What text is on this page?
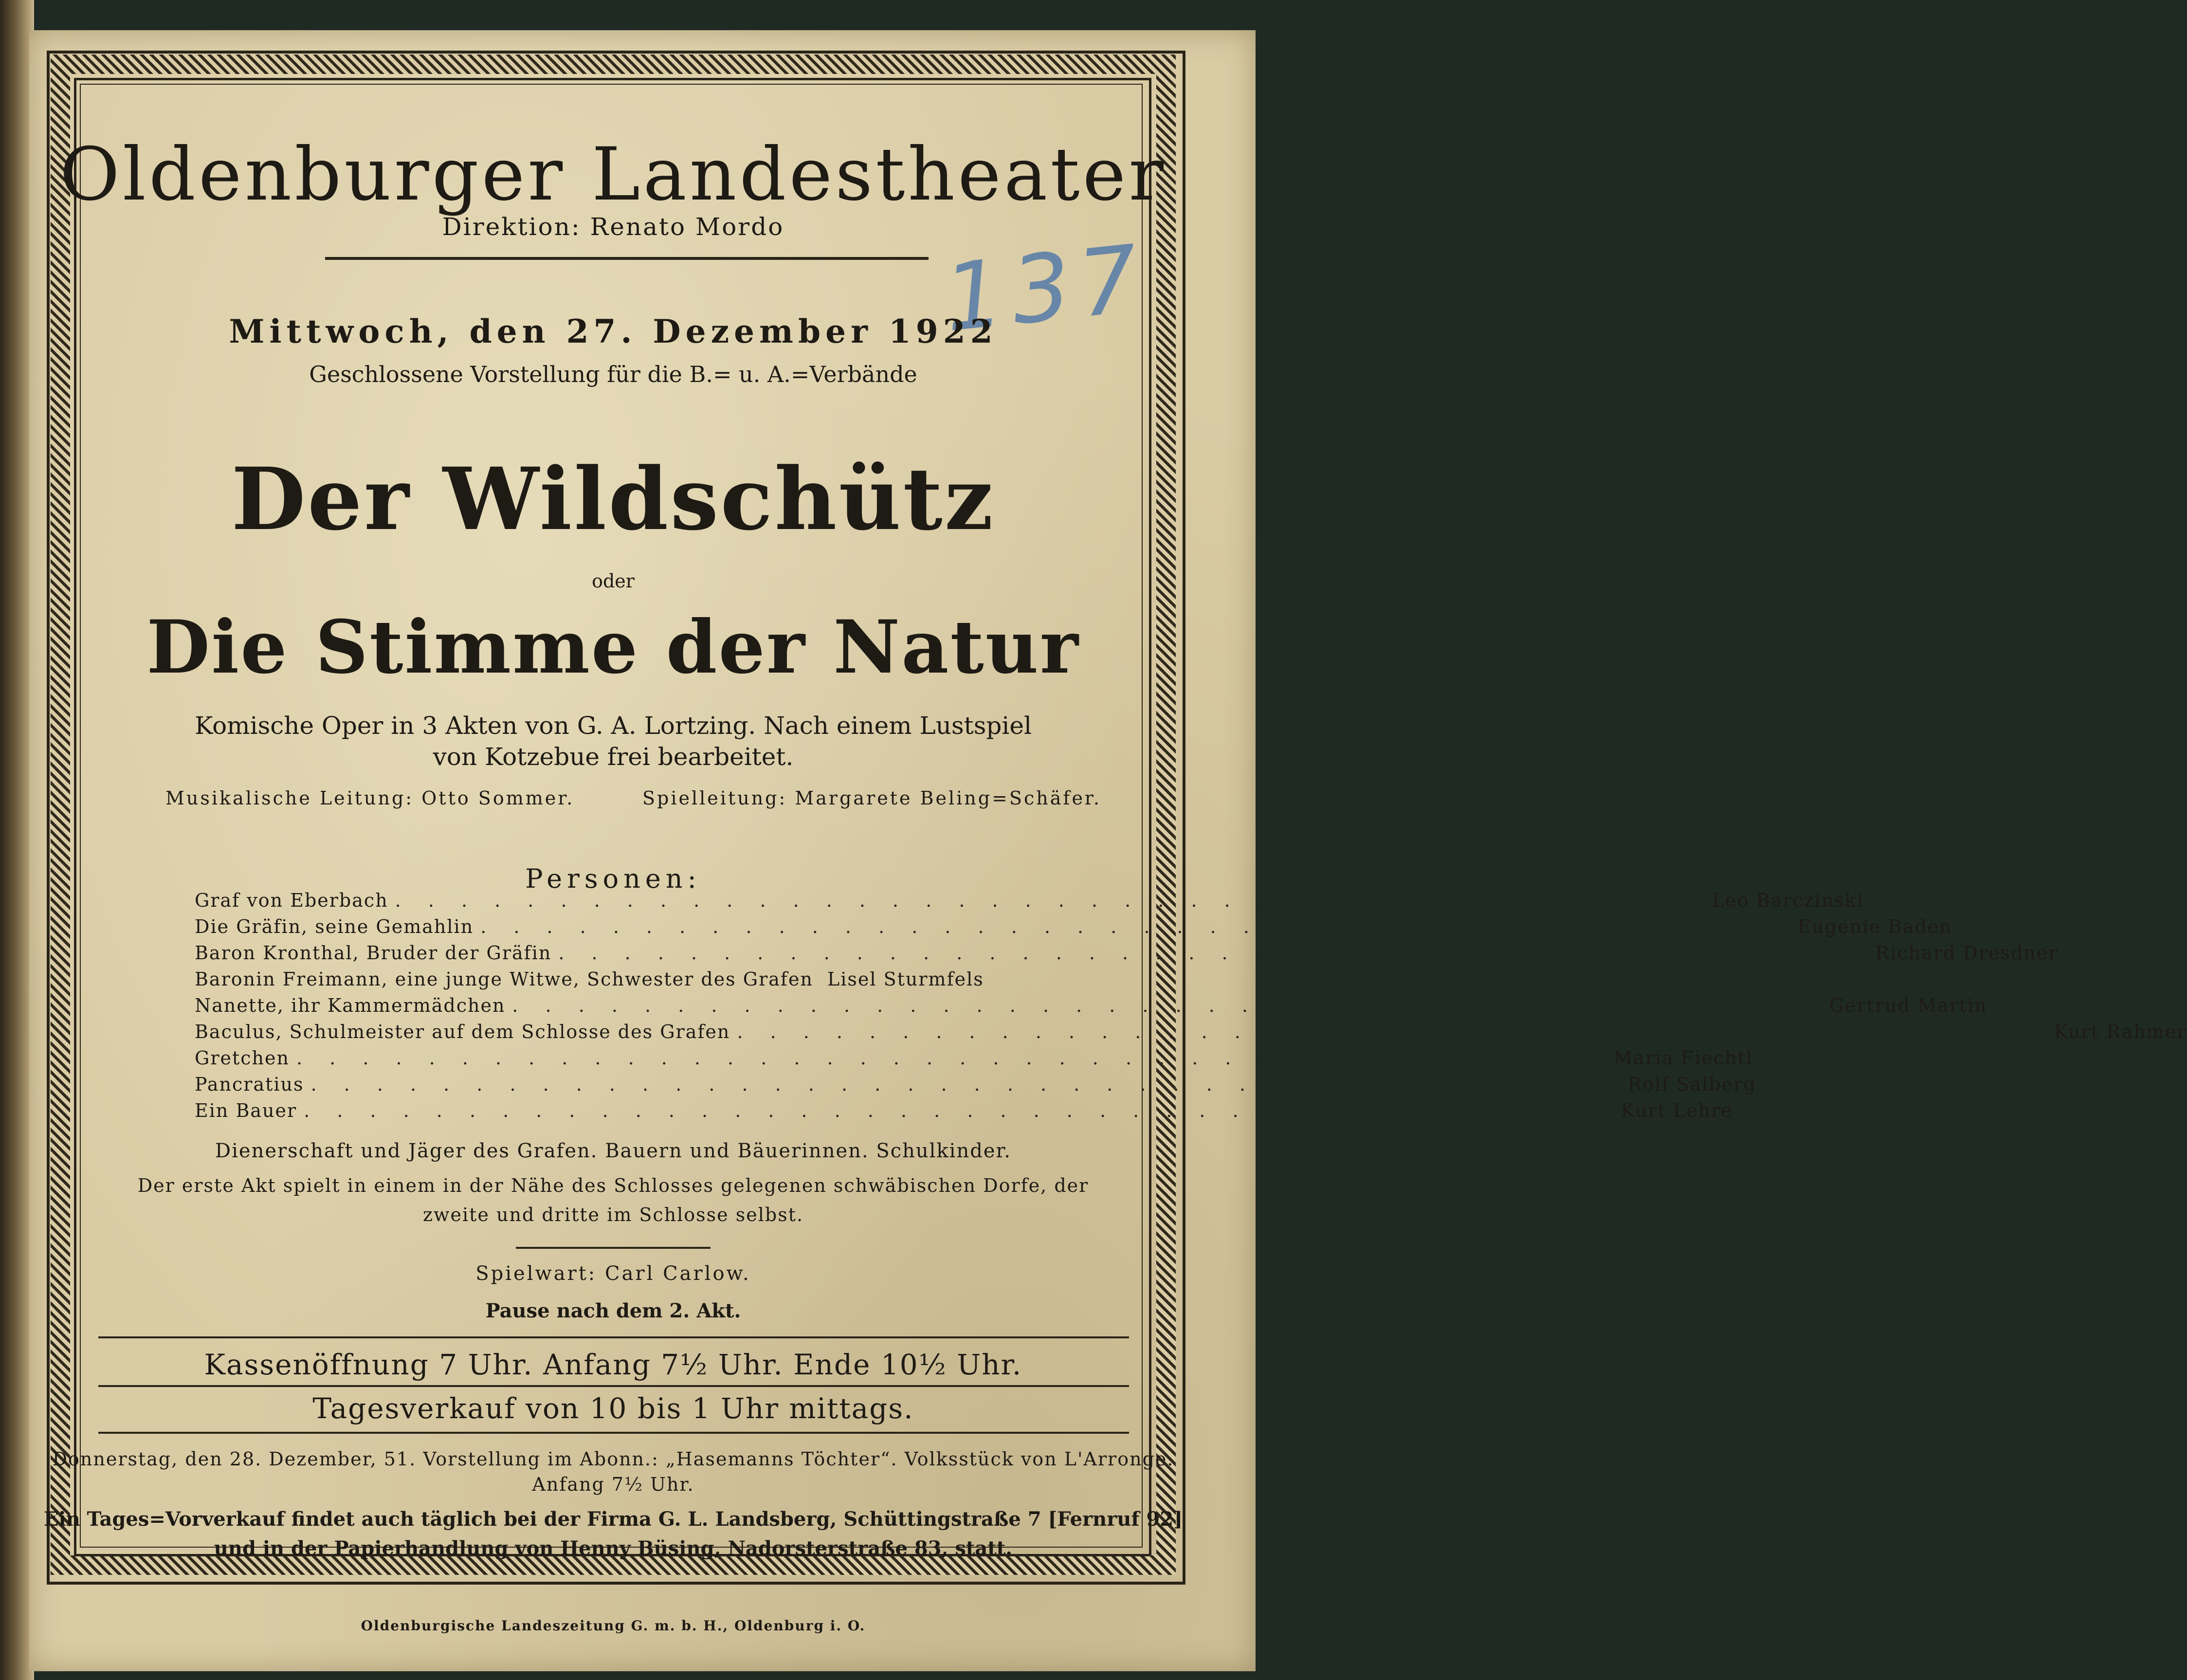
Oldenburger Landestheater
Direktion: Renato Mordo	137
Mittwoch, den 27. Dezember 1922
Geschlossene Vorstellung für die B.= u. A.=Verbände
Der Wildschütz
oder
Die Stimme der Natur
Komische Oper in 3 Akten von G. A. Lortzing. Nach einem Lustspiel
von Kotzebue frei bearbeitet.
Musikalische Leitung: Otto Sommer.	Spielleitung: Margarete Beling=Schäfer.
Personen:
Graf von Eberbach . . . . . . . . . . . . . . . . . . . . . . . . . . . . . . . . . . . . . . . . Leo Barczinski
Die Gräfin, seine Gemahlin . . . . . . . . . . . . . . . . . . . . . . . . . . . . . . . . . . . . . . . . Eugenie Baden
Baron Kronthal, Bruder der Gräfin . . . . . . . . . . . . . . . . . . . . . . . . . . . . . . . . . . . . . . . . Richard Dresdner
Baronin Freimann, eine junge Witwe, Schwester des Grafen Lisel Sturmfels
Nanette, ihr Kammermädchen . . . . . . . . . . . . . . . . . . . . . . . . . . . . . . . . . . . . . . . . Gertrud Martin
Baculus, Schulmeister auf dem Schlosse des Grafen . . . . . . . . . . . . . . . . . . . . . . . . . . . . . . . . . . . . . . . . Kurt Rahmer
Gretchen . . . . . . . . . . . . . . . . . . . . . . . . . . . . . . . . . . . . . . . . Maria Fiechtl
Pancratius . . . . . . . . . . . . . . . . . . . . . . . . . . . . . . . . . . . . . . . . Rolf Salberg
Ein Bauer . . . . . . . . . . . . . . . . . . . . . . . . . . . . . . . . . . . . . . . . Kurt Lehre
Dienerschaft und Jäger des Grafen. Bauern und Bäuerinnen. Schulkinder.
Der erste Akt spielt in einem in der Nähe des Schlosses gelegenen schwäbischen Dorfe, der
zweite und dritte im Schlosse selbst.
Spielwart: Carl Carlow.
Pause nach dem 2. Akt.
Kassenöffnung 7 Uhr. Anfang 7½ Uhr. Ende 10½ Uhr.
Tagesverkauf von 10 bis 1 Uhr mittags.
Donnerstag, den 28. Dezember, 51. Vorstellung im Abonn.: „Hasemanns Töchter“. Volksstück von L'Arronge.
Anfang 7½ Uhr.
Ein Tages=Vorverkauf findet auch täglich bei der Firma G. L. Landsberg, Schüttingstraße 7 [Fernruf 92]
und in der Papierhandlung von Henny Büsing, Nadorsterstraße 83, statt.
Oldenburgische Landeszeitung G. m. b. H., Oldenburg i. O.
